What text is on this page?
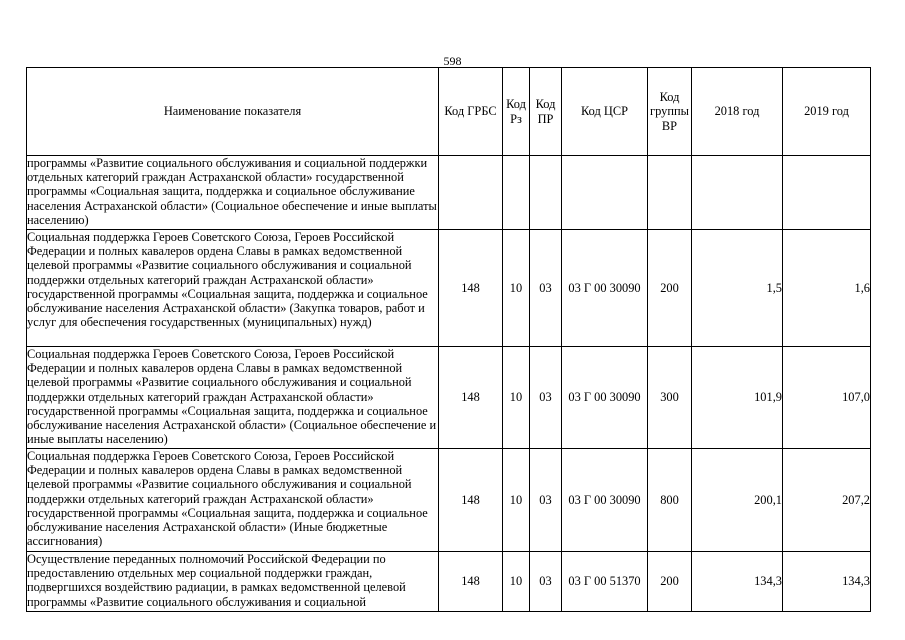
598
Наименование показателя	Код ГРБС	Код Рз	Код ПР	Код ЦСР	Код группы ВР	2018 год	2019 год
программы «Развитие социального обслуживания и социальной поддержки отдельных категорий граждан Астраханской области» государственной программы «Социальная защита, поддержка и социальное обслуживание населения Астраханской области» (Социальное обеспечение и иные выплаты населению)							
Социальная поддержка Героев Советского Союза, Героев Российской Федерации и полных кавалеров ордена Славы в рамках ведомственной целевой программы «Развитие социального обслуживания и социальной поддержки отдельных категорий граждан Астраханской области» государственной программы «Социальная защита, поддержка и социальное обслуживание населения Астраханской области» (Закупка товаров, работ и услуг для обеспечения государственных (муниципальных) нужд)	148	10	03	03 Г 00 30090	200	1,5	1,6
Социальная поддержка Героев Советского Союза, Героев Российской Федерации и полных кавалеров ордена Славы в рамках ведомственной целевой программы «Развитие социального обслуживания и социальной поддержки отдельных категорий граждан Астраханской области» государственной программы «Социальная защита, поддержка и социальное обслуживание населения Астраханской области» (Социальное обеспечение и иные выплаты населению)	148	10	03	03 Г 00 30090	300	101,9	107,0
Социальная поддержка Героев Советского Союза, Героев Российской Федерации и полных кавалеров ордена Славы в рамках ведомственной целевой программы «Развитие социального обслуживания и социальной поддержки отдельных категорий граждан Астраханской области» государственной программы «Социальная защита, поддержка и социальное обслуживание населения Астраханской области» (Иные бюджетные ассигнования)	148	10	03	03 Г 00 30090	800	200,1	207,2
Осуществление переданных полномочий Российской Федерации по предоставлению отдельных мер социальной поддержки граждан, подвергшихся воздействию радиации, в рамках ведомственной целевой программы «Развитие социального обслуживания и социальной	148	10	03	03 Г 00 51370	200	134,3	134,3
